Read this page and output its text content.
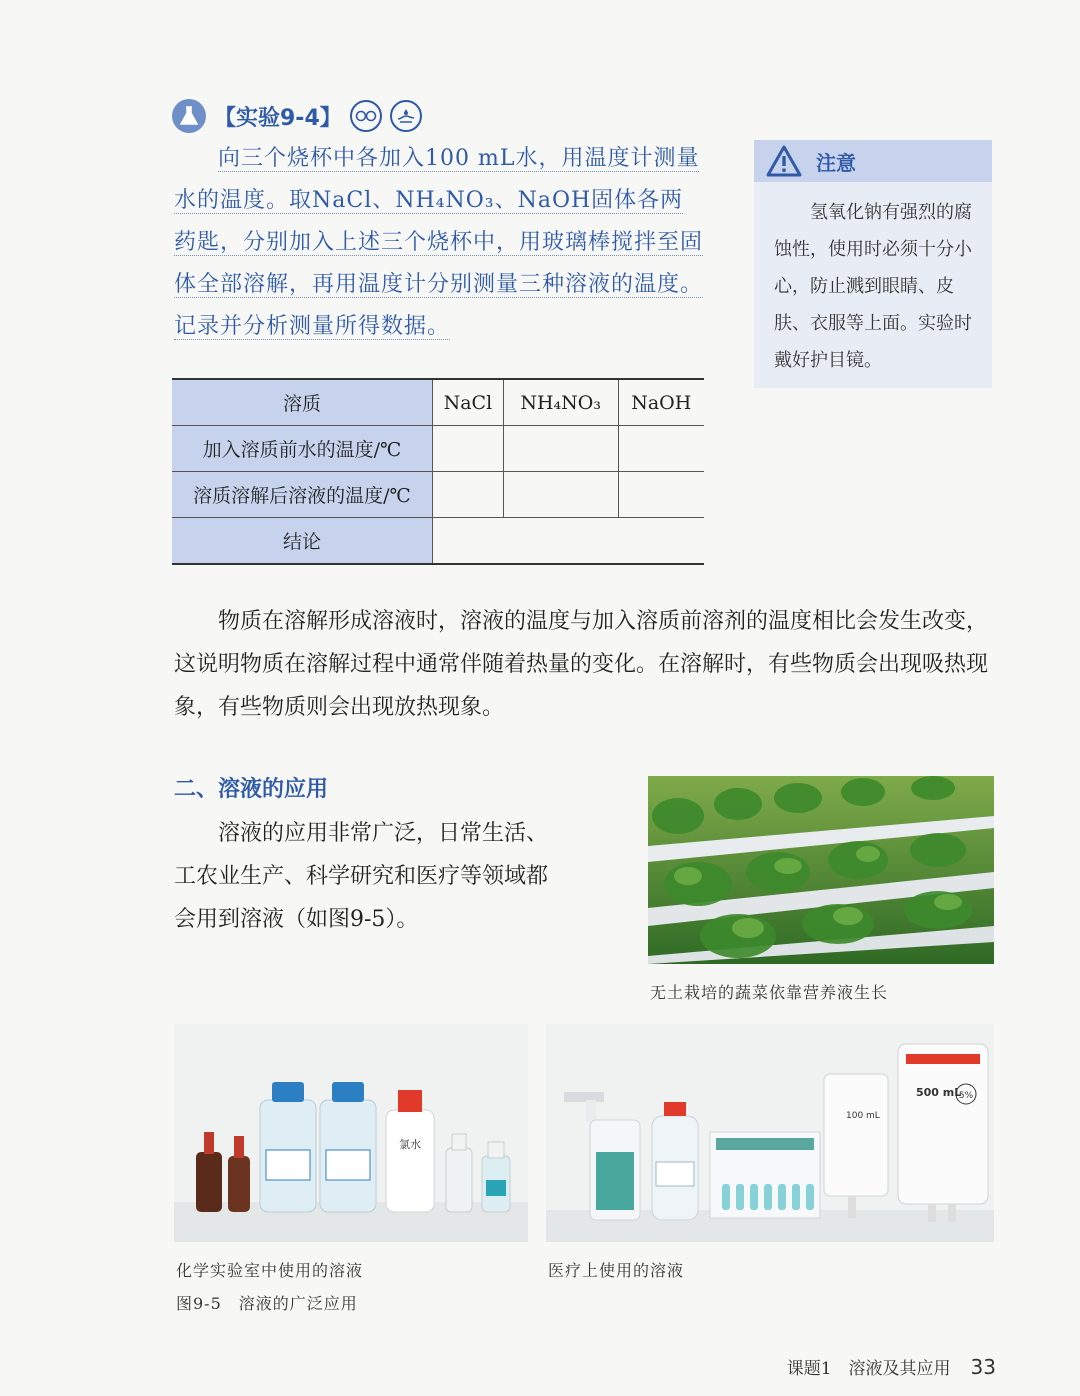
【实验9-4】
向三个烧杯中各加入100 mL水，用温度计测量水的温度。取NaCl、NH₄NO₃、NaOH固体各两药匙，分别加入上述三个烧杯中，用玻璃棒搅拌至固体全部溶解，再用温度计分别测量三种溶液的温度。记录并分析测量所得数据。
注意
氢氧化钠有强烈的腐蚀性，使用时必须十分小心，防止溅到眼睛、皮肤、衣服等上面。实验时戴好护目镜。
溶质	NaCl	NH₄NO₃	NaOH
加入溶质前水的温度/℃			
溶质溶解后溶液的温度/℃			
结论			
物质在溶解形成溶液时，溶液的温度与加入溶质前溶剂的温度相比会发生改变，这说明物质在溶解过程中通常伴随着热量的变化。在溶解时，有些物质会出现吸热现象，有些物质则会出现放热现象。
二、溶液的应用
溶液的应用非常广泛，日常生活、工农业生产、科学研究和医疗等领域都会用到溶液（如图9-5）。
无土栽培的蔬菜依靠营养液生长
氯水
100 mL
500 mL
5%
化学实验室中使用的溶液	医疗上使用的溶液
图9-5　溶液的广泛应用
课题1　溶液及其应用 33
